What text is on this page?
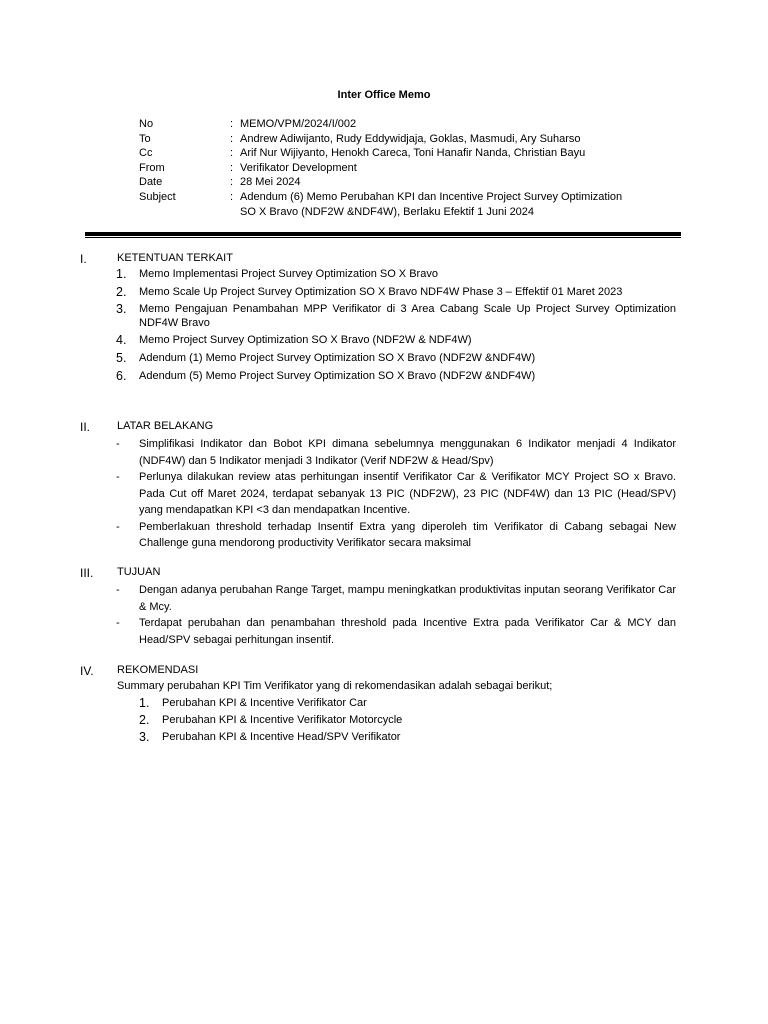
Inter Office Memo
No	: MEMO/VPM/2024/I/002
To	: Andrew Adiwijanto, Rudy Eddywidjaja, Goklas, Masmudi, Ary Suharso
Cc	: Arif Nur Wijiyanto, Henokh Careca, Toni Hanafir Nanda, Christian Bayu
From	: Verifikator Development
Date	: 28 Mei 2024
Subject	: Adendum (6) Memo Perubahan KPI dan Incentive Project Survey Optimization
SO X Bravo (NDF2W &NDF4W), Berlaku Efektif 1 Juni 2024
I.	KETENTUAN TERKAIT
1.	Memo Implementasi Project Survey Optimization SO X Bravo
2.	Memo Scale Up Project Survey Optimization SO X Bravo NDF4W Phase 3 – Effektif 01 Maret 2023
3.	Memo Pengajuan Penambahan MPP Verifikator di 3 Area Cabang Scale Up Project Survey Optimization NDF4W Bravo
4.	Memo Project Survey Optimization SO X Bravo (NDF2W & NDF4W)
5.	Adendum (1) Memo Project Survey Optimization SO X Bravo (NDF2W &NDF4W)
6.	Adendum (5) Memo Project Survey Optimization SO X Bravo (NDF2W &NDF4W)
II. LATAR BELAKANG
-	Simplifikasi Indikator dan Bobot KPI dimana sebelumnya menggunakan 6 Indikator menjadi 4 Indikator (NDF4W) dan 5 Indikator menjadi 3 Indikator (Verif NDF2W & Head/Spv)
-	Perlunya dilakukan review atas perhitungan insentif Verifikator Car & Verifikator MCY Project SO x Bravo. Pada Cut off Maret 2024, terdapat sebanyak 13 PIC (NDF2W), 23 PIC (NDF4W) dan 13 PIC (Head/SPV) yang mendapatkan KPI <3 dan mendapatkan Incentive.
-	Pemberlakuan threshold terhadap Insentif Extra yang diperoleh tim Verifikator di Cabang sebagai New Challenge guna mendorong productivity Verifikator secara maksimal
III. TUJUAN
-	Dengan adanya perubahan Range Target, mampu meningkatkan produktivitas inputan seorang Verifikator Car & Mcy.
-	Terdapat perubahan dan penambahan threshold pada Incentive Extra pada Verifikator Car & MCY dan Head/SPV sebagai perhitungan insentif.
IV. REKOMENDASI
Summary perubahan KPI Tim Verifikator yang di rekomendasikan adalah sebagai berikut;
1.	Perubahan KPI & Incentive Verifikator Car
2.	Perubahan KPI & Incentive Verifikator Motorcycle
3.	Perubahan KPI & Incentive Head/SPV Verifikator
